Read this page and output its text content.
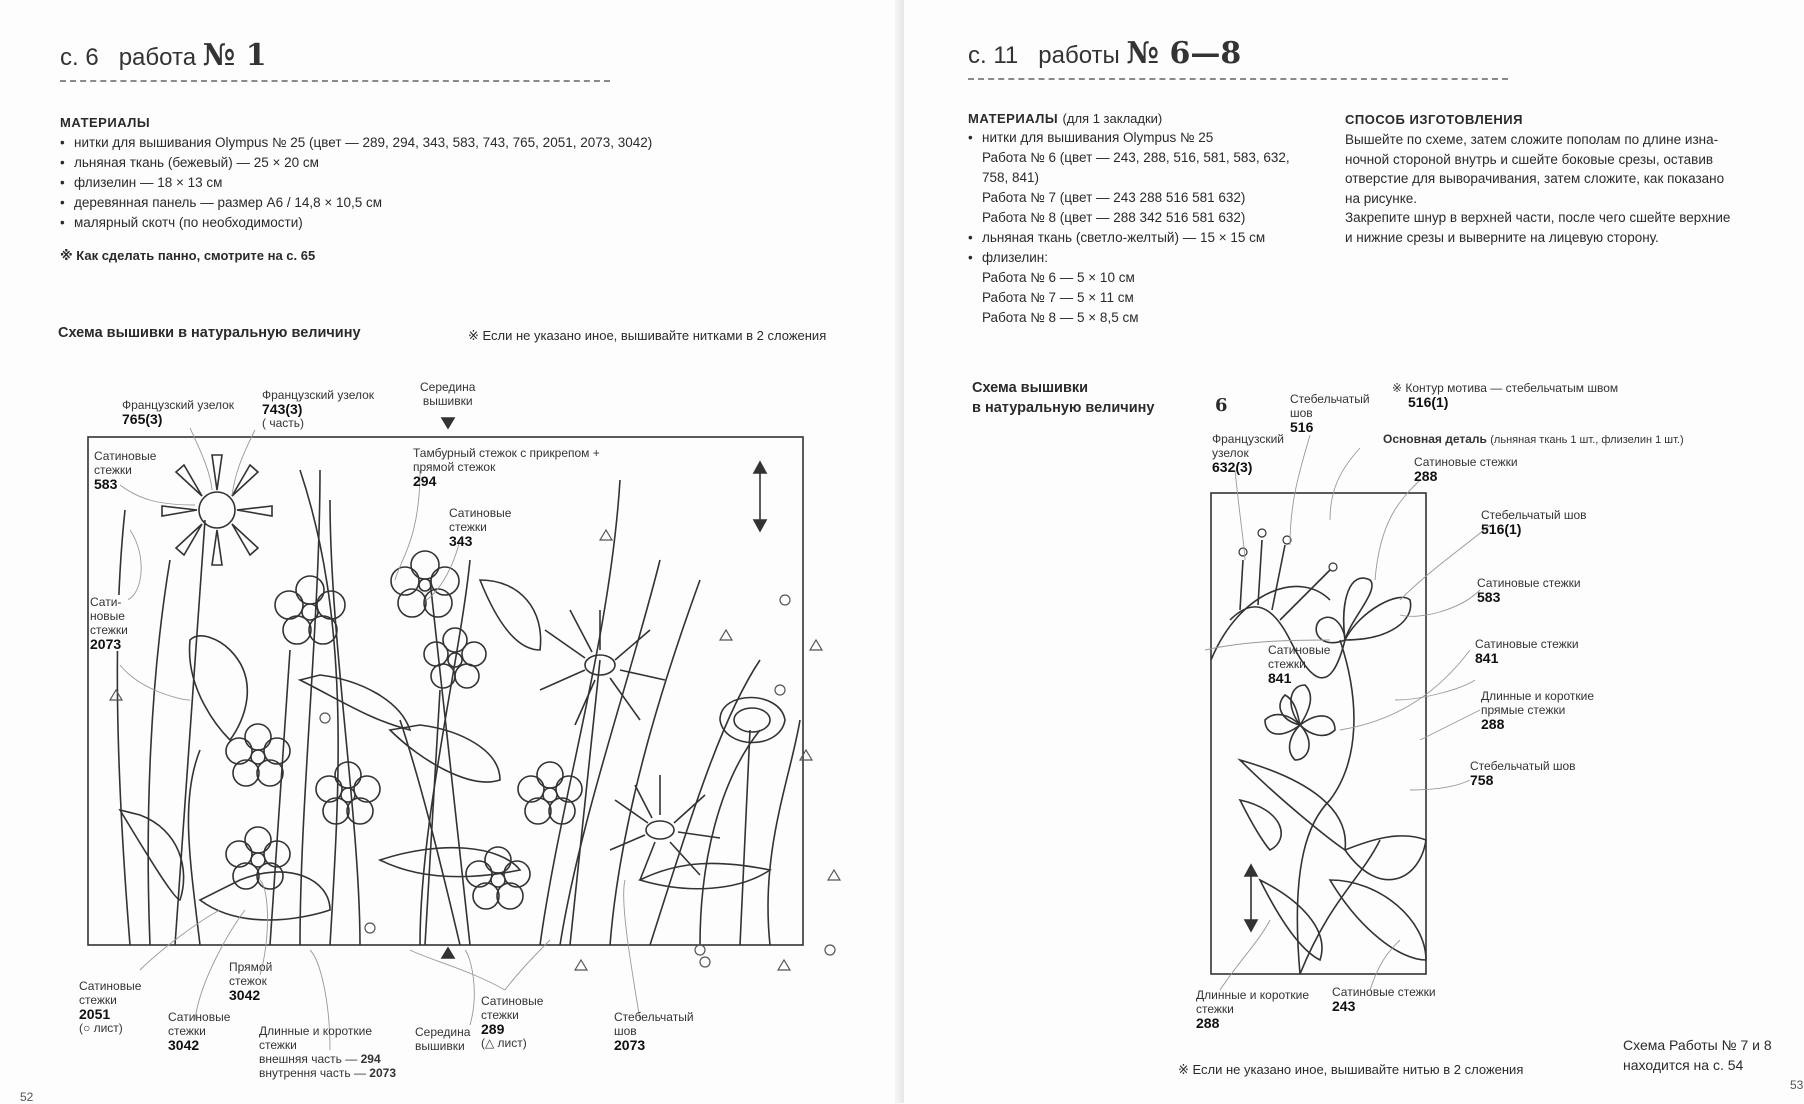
с. 6 работа № 1
МАТЕРИАЛЫ
• нитки для вышивания Olympus № 25 (цвет — 289, 294, 343, 583, 743, 765, 2051, 2073, 3042)
• льняная ткань (бежевый) — 25 × 20 см
• флизелин — 18 × 13 см
• деревянная панель — размер А6 / 14,8 × 10,5 см
• малярный скотч (по необходимости)
※ Как сделать панно, смотрите на с. 65
Схема вышивки в натуральную величину	※ Если не указано иное, вышивайте нитками в 2 сложения
Французский узелок
765(3)
Французский узелок
743(3)
( часть)
Середина
вышивки
Тамбурный стежок с прикрепом +
прямой стежок
294
Сатиновые
стежки
583
Сатиновые
стежки
343
Сати-
новые
стежки
2073
Сатиновые
стежки
2051
(○ лист)
Сатиновые
стежки
3042
Прямой
стежок
3042
Длинные и короткие
стежки
внешняя часть — 294
внутрення часть — 2073
Середина
вышивки
Сатиновые
стежки
289
(△ лист)
Стебельчатый
шов
2073
52
с. 11 работы № 6—8
МАТЕРИАЛЫ (для 1 закладки)
• нитки для вышивания Olympus № 25
Работа № 6 (цвет — 243, 288, 516, 581, 583, 632,
758, 841)
Работа № 7 (цвет — 243 288 516 581 632)
Работа № 8 (цвет — 288 342 516 581 632)
• льняная ткань (светло-желтый) — 15 × 15 см
• флизелин:
Работа № 6 — 5 × 10 см
Работа № 7 — 5 × 11 см
Работа № 8 — 5 × 8,5 см
СПОСОБ ИЗГОТОВЛЕНИЯ
Вышейте по схеме, затем сложите пополам по длине изна-
ночной стороной внутрь и сшейте боковые срезы, оставив
отверстие для выворачивания, затем сложите, как показано
на рисунке.
Закрепите шнур в верхней части, после чего сшейте верхние
и нижние срезы и выверните на лицевую сторону.
Схема вышивки
в натуральную величину	6	Стебельчатый
шов
516
※ Контур мотива — стебельчатым швом
516(1)
Французский
узелок
632(3)
Основная деталь (льняная ткань 1 шт., флизелин 1 шт.)
Сатиновые стежки
288
Стебельчатый шов
516(1)
Сатиновые стежки
583
Сатиновые стежки
841
Сатиновые
стежки
841
Длинные и короткие
прямые стежки
288
Стебельчатый шов
758
Длинные и короткие
стежки
288
Сатиновые стежки
243
※ Если не указано иное, вышивайте нитью в 2 сложения
Схема Работы № 7 и 8
находится на с. 54
53
